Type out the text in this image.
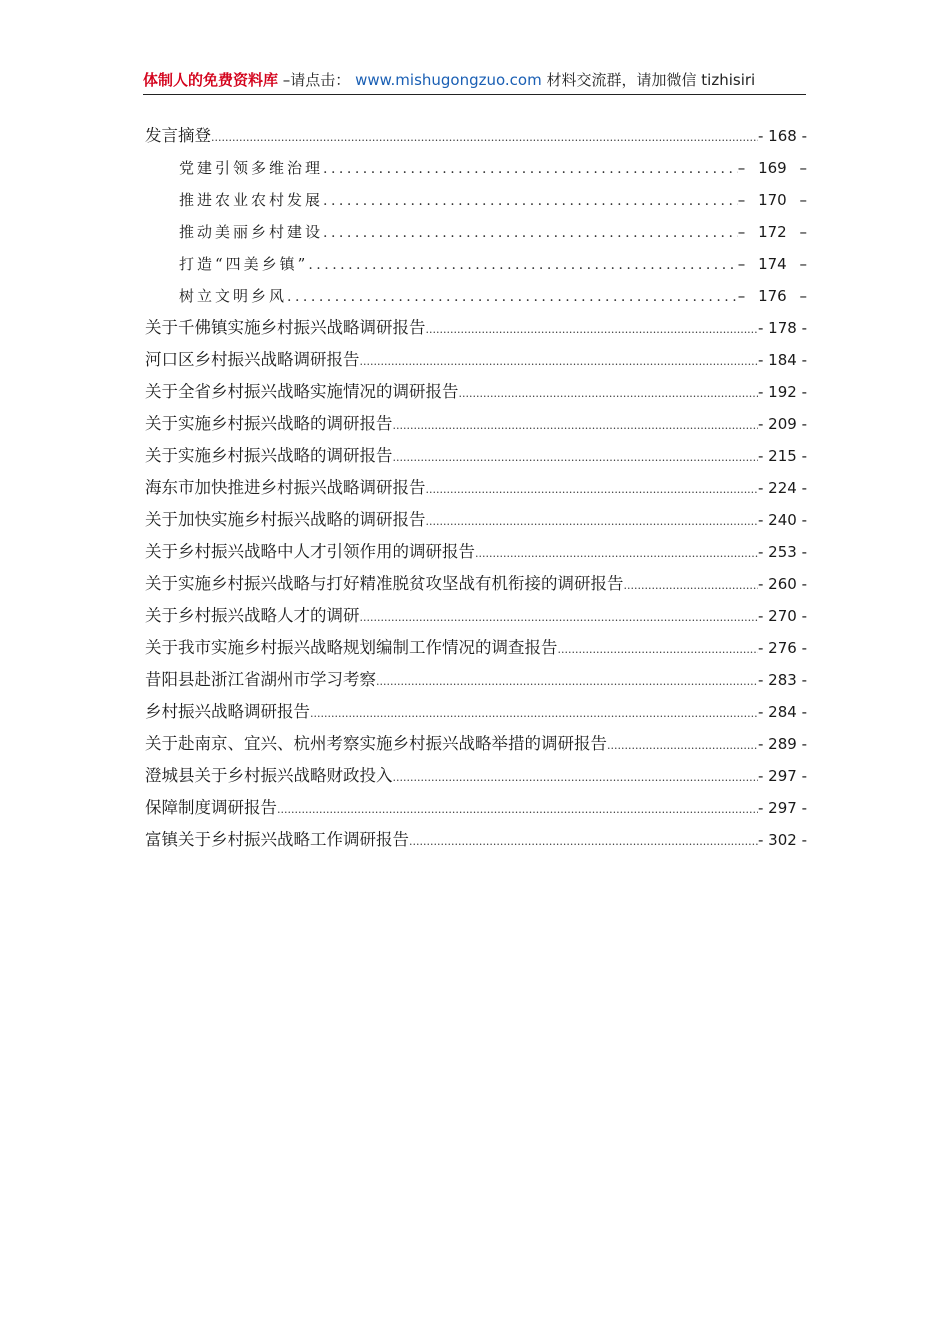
体制人的免费资料库 –请点击： www.mishugongzuo.com 材料交流群，请加微信 tizhisiri
发言摘登 .....	- 168 -
党建引领多维治理 .....	– 169 –
推进农业农村发展 .....	– 170 –
推动美丽乡村建设 .....	– 172 –
打造“四美乡镇” .....	– 174 –
树立文明乡风 .....	– 176 –
关于千佛镇实施乡村振兴战略调研报告 .....	- 178 -
河口区乡村振兴战略调研报告 .....	- 184 -
关于全省乡村振兴战略实施情况的调研报告 .....	- 192 -
关于实施乡村振兴战略的调研报告 .....	- 209 -
关于实施乡村振兴战略的调研报告 .....	- 215 -
海东市加快推进乡村振兴战略调研报告 .....	- 224 -
关于加快实施乡村振兴战略的调研报告 .....	- 240 -
关于乡村振兴战略中人才引领作用的调研报告 .....	- 253 -
关于实施乡村振兴战略与打好精准脱贫攻坚战有机衔接的调研报告 .....	- 260 -
关于乡村振兴战略人才的调研 .....	- 270 -
关于我市实施乡村振兴战略规划编制工作情况的调查报告 .....	- 276 -
昔阳县赴浙江省湖州市学习考察 .....	- 283 -
乡村振兴战略调研报告 .....	- 284 -
关于赴南京、宜兴、杭州考察实施乡村振兴战略举措的调研报告 .....	- 289 -
澄城县关于乡村振兴战略财政投入 .....	- 297 -
保障制度调研报告 .....	- 297 -
富镇关于乡村振兴战略工作调研报告 .....	- 302 -
